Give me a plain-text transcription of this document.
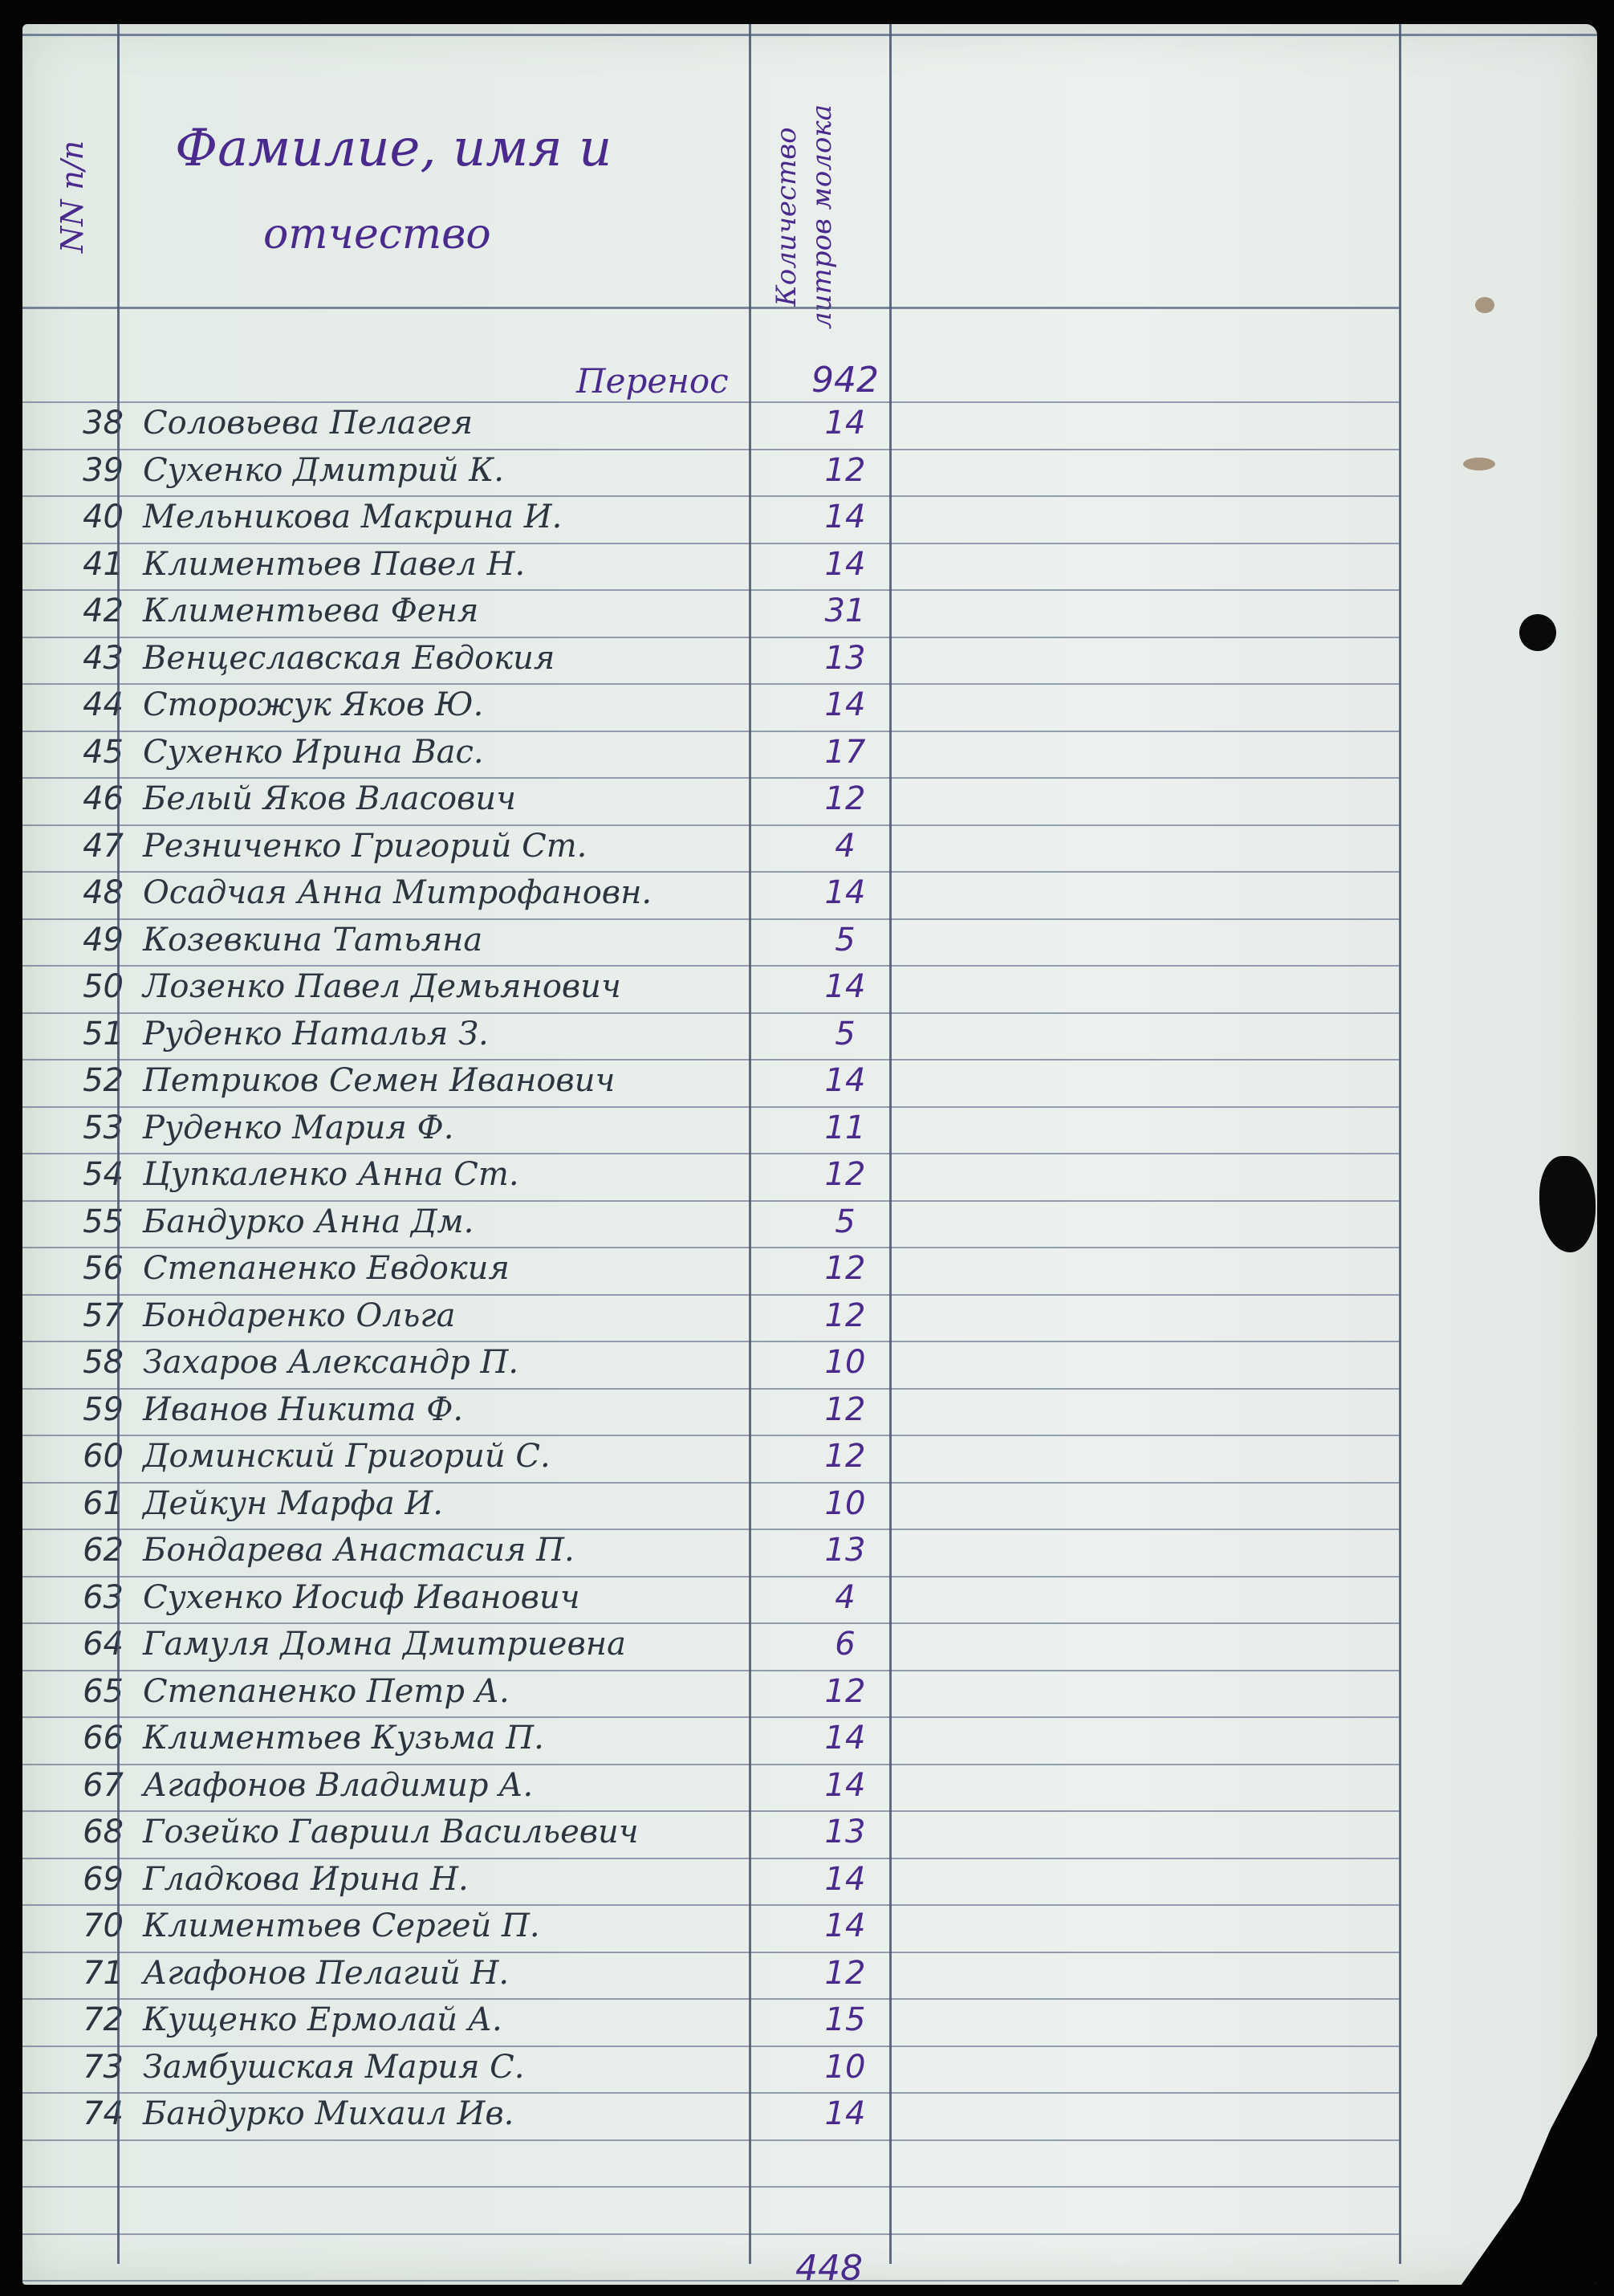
NN п/п Фамилие, имя и
отчество	Количество литров молока
Перенос	942
38 Соловьева Пелагея	14
39 Сухенко Дмитрий К.	12
40 Мельникова Макрина И.	14
41 Климентьев Павел Н.	14
42 Климентьева Феня	31
43 Венцеславская Евдокия	13
44 Сторожук Яков Ю.	14
45 Сухенко Ирина Вас.	17
46 Белый Яков Власович	12
47 Резниченко Григорий Ст.	4
48 Осадчая Анна Митрофановн.	14
49 Козевкина Татьяна	5
50 Лозенко Павел Демьянович	14
51 Руденко Наталья З.	5
52 Петриков Семен Иванович	14
53 Руденко Мария Ф.	11
54 Цупкаленко Анна Ст.	12
55 Бандурко Анна Дм.	5
56 Степаненко Евдокия	12
57 Бондаренко Ольга	12
58 Захаров Александр П.	10
59 Иванов Никита Ф.	12
60 Доминский Григорий С.	12
61 Дейкун Марфа И.	10
62 Бондарева Анастасия П.	13
63 Сухенко Иосиф Иванович	4
64 Гамуля Домна Дмитриевна	6
65 Степаненко Петр А.	12
66 Климентьев Кузьма П.	14
67 Агафонов Владимир А.	14
68 Гозейко Гавриил Васильевич	13
69 Гладкова Ирина Н.	14
70 Климентьев Сергей П.	14
71 Агафонов Пелагий Н.	12
72 Кущенко Ермолай А.	15
73 Замбушская Мария С.	10
74 Бандурко Михаил Ив.	14
448
